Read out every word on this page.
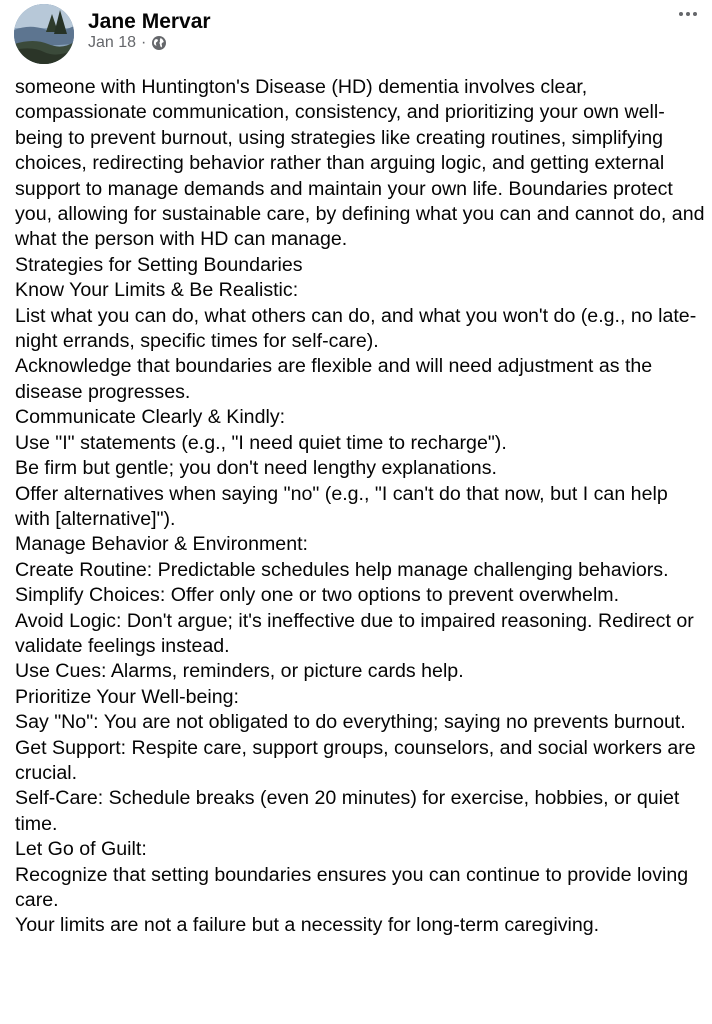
Jane Mervar
Jan 18 ·

someone with Huntington's Disease (HD) dementia involves clear, compassionate communication, consistency, and prioritizing your own well-being to prevent burnout, using strategies like creating routines, simplifying choices, redirecting behavior rather than arguing logic, and getting external support to manage demands and maintain your own life. Boundaries protect you, allowing for sustainable care, by defining what you can and cannot do, and what the person with HD can manage.

Strategies for Setting Boundaries

Know Your Limits & Be Realistic:

List what you can do, what others can do, and what you won't do (e.g., no late-night errands, specific times for self-care).

Acknowledge that boundaries are flexible and will need adjustment as the disease progresses.

Communicate Clearly & Kindly:

Use "I" statements (e.g., "I need quiet time to recharge").

Be firm but gentle; you don't need lengthy explanations.

Offer alternatives when saying "no" (e.g., "I can't do that now, but I can help with [alternative]").

Manage Behavior & Environment:

Create Routine: Predictable schedules help manage challenging behaviors.

Simplify Choices: Offer only one or two options to prevent overwhelm.

Avoid Logic: Don't argue; it's ineffective due to impaired reasoning. Redirect or validate feelings instead.

Use Cues: Alarms, reminders, or picture cards help.

Prioritize Your Well-being:

Say "No": You are not obligated to do everything; saying no prevents burnout.

Get Support: Respite care, support groups, counselors, and social workers are crucial.

Self-Care: Schedule breaks (even 20 minutes) for exercise, hobbies, or quiet time.

Let Go of Guilt:

Recognize that setting boundaries ensures you can continue to provide loving care.

Your limits are not a failure but a necessity for long-term caregiving.
